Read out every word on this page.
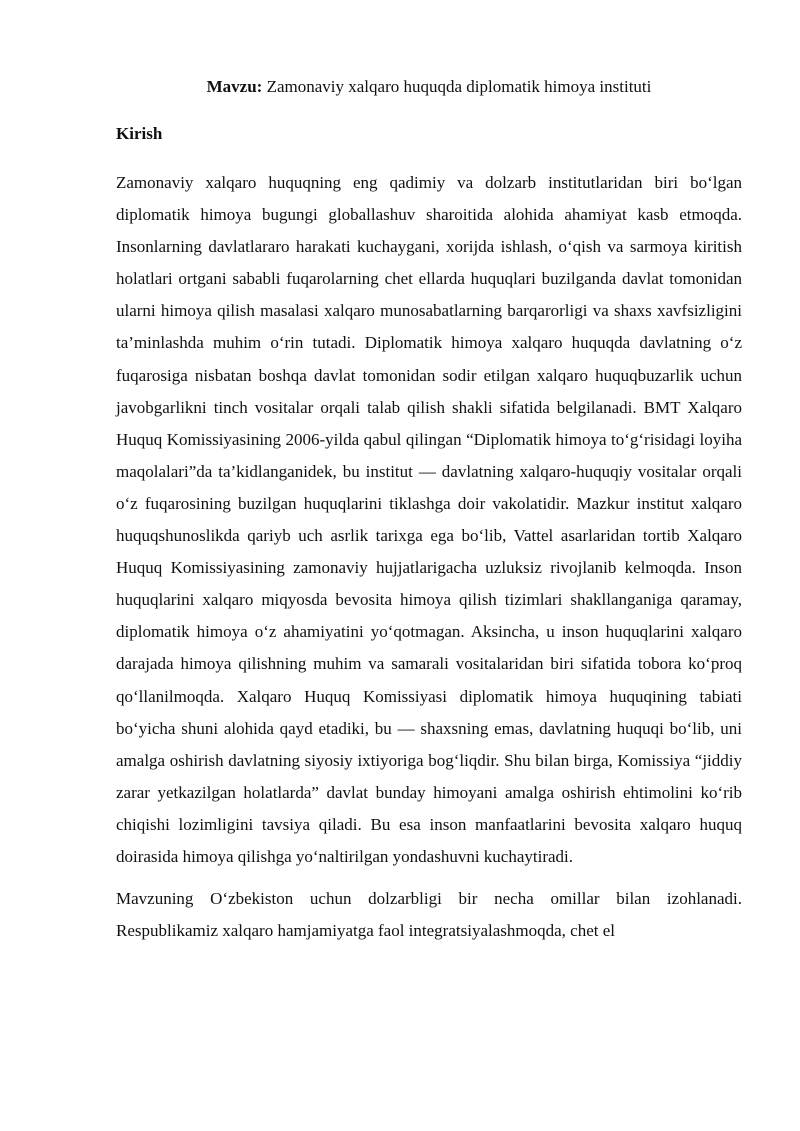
Mavzu: Zamonaviy xalqaro huquqda diplomatik himoya instituti

Kirish

Zamonaviy xalqaro huquqning eng qadimiy va dolzarb institutlaridan biri bo‘lgan diplomatik himoya bugungi globallashuv sharoitida alohida ahamiyat kasb etmoqda. Insonlarning davlatlararo harakati kuchaygani, xorijda ishlash, o‘qish va sarmoya kiritish holatlari ortgani sababli fuqarolarning chet ellarda huquqlari buzilganda davlat tomonidan ularni himoya qilish masalasi xalqaro munosabatlarning barqarorligi va shaxs xavfsizligini ta’minlashda muhim o‘rin tutadi. Diplomatik himoya xalqaro huquqda davlatning o‘z fuqarosiga nisbatan boshqa davlat tomonidan sodir etilgan xalqaro huquqbuzarlik uchun javobgarlikni tinch vositalar orqali talab qilish shakli sifatida belgilanadi. BMT Xalqaro Huquq Komissiyasining 2006-yilda qabul qilingan “Diplomatik himoya to‘g‘risidagi loyiha maqolalari”da ta’kidlanganidek, bu institut — davlatning xalqaro-huquqiy vositalar orqali o‘z fuqarosining buzilgan huquqlarini tiklashga doir vakolatidir. Mazkur institut xalqaro huquqshunoslikda qariyb uch asrlik tarixga ega bo‘lib, Vattel asarlaridan tortib Xalqaro Huquq Komissiyasining zamonaviy hujjatlarigacha uzluksiz rivojlanib kelmoqda. Inson huquqlarini xalqaro miqyosda bevosita himoya qilish tizimlari shakllanganiga qaramay, diplomatik himoya o‘z ahamiyatini yo‘qotmagan. Aksincha, u inson huquqlarini xalqaro darajada himoya qilishning muhim va samarali vositalaridan biri sifatida tobora ko‘proq qo‘llanilmoqda. Xalqaro Huquq Komissiyasi diplomatik himoya huquqining tabiati bo‘yicha shuni alohida qayd etadiki, bu — shaxsning emas, davlatning huquqi bo‘lib, uni amalga oshirish davlatning siyosiy ixtiyoriga bog‘liqdir. Shu bilan birga, Komissiya “jiddiy zarar yetkazilgan holatlarda” davlat bunday himoyani amalga oshirish ehtimolini ko‘rib chiqishi lozimligini tavsiya qiladi. Bu esa inson manfaatlarini bevosita xalqaro huquq doirasida himoya qilishga yo‘naltirilgan yondashuvni kuchaytiradi.

Mavzuning O‘zbekiston uchun dolzarbligi bir necha omillar bilan izohlanadi. Respublikamiz xalqaro hamjamiyatga faol integratsiyalashmoqda, chet el
